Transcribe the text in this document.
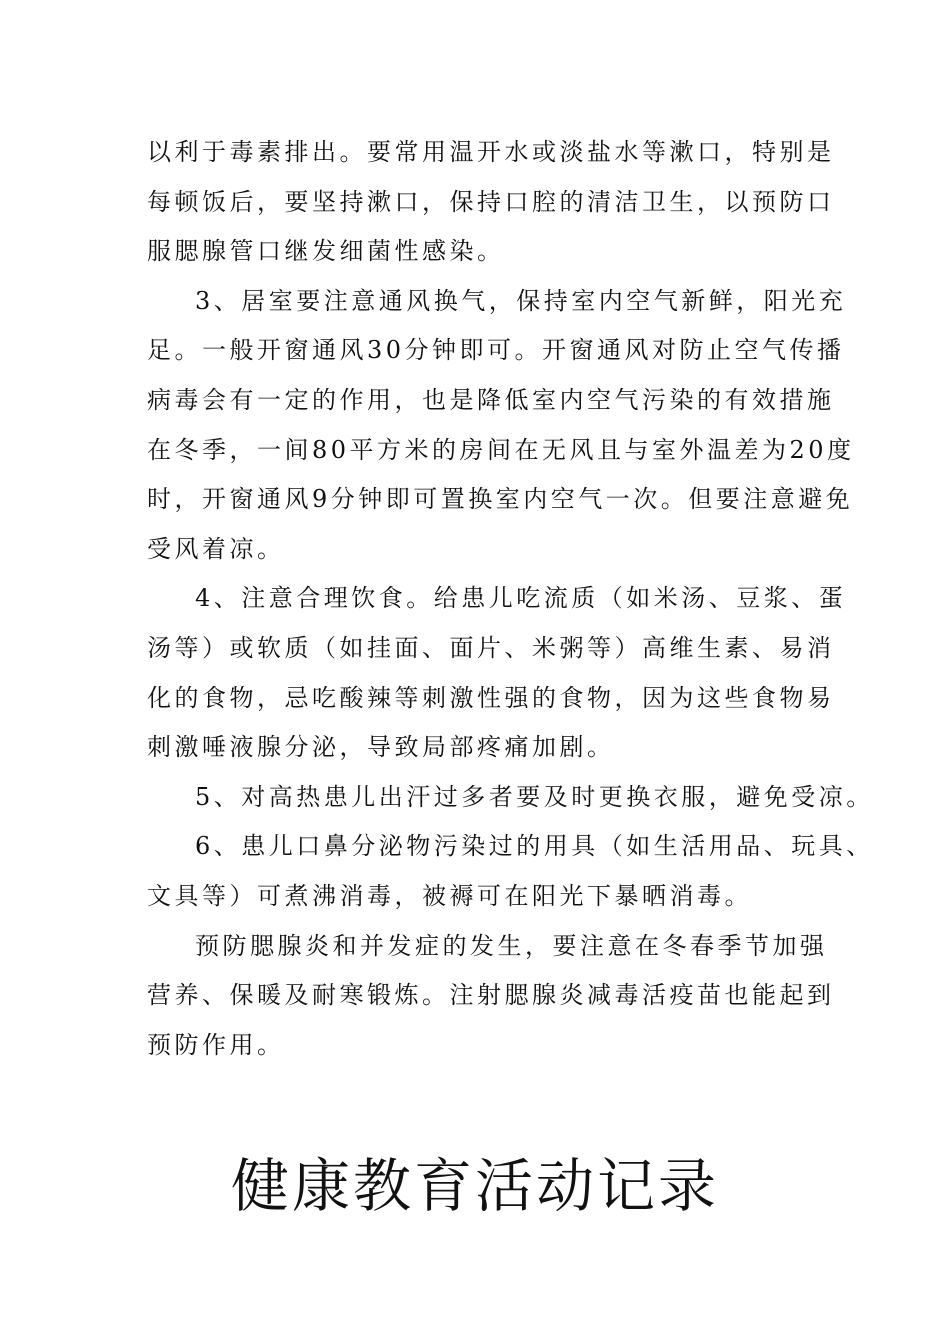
以利于毒素排出。要常用温开水或淡盐水等漱口，特别是

每顿饭后，要坚持漱口，保持口腔的清洁卫生，以预防口

服腮腺管口继发细菌性感染。

3、居室要注意通风换气，保持室内空气新鲜，阳光充

足。一般开窗通风30分钟即可。开窗通风对防止空气传播

病毒会有一定的作用，也是降低室内空气污染的有效措施

在冬季，一间80平方米的房间在无风且与室外温差为20度

时，开窗通风9分钟即可置换室内空气一次。但要注意避免

受风着凉。

4、注意合理饮食。给患儿吃流质（如米汤、豆浆、蛋

汤等）或软质（如挂面、面片、米粥等）高维生素、易消

化的食物，忌吃酸辣等刺激性强的食物，因为这些食物易

刺激唾液腺分泌，导致局部疼痛加剧。

5、对高热患儿出汗过多者要及时更换衣服，避免受凉。

6、患儿口鼻分泌物污染过的用具（如生活用品、玩具、

文具等）可煮沸消毒，被褥可在阳光下暴晒消毒。

预防腮腺炎和并发症的发生，要注意在冬春季节加强

营养、保暖及耐寒锻炼。注射腮腺炎减毒活疫苗也能起到

预防作用。

健康教育活动记录
